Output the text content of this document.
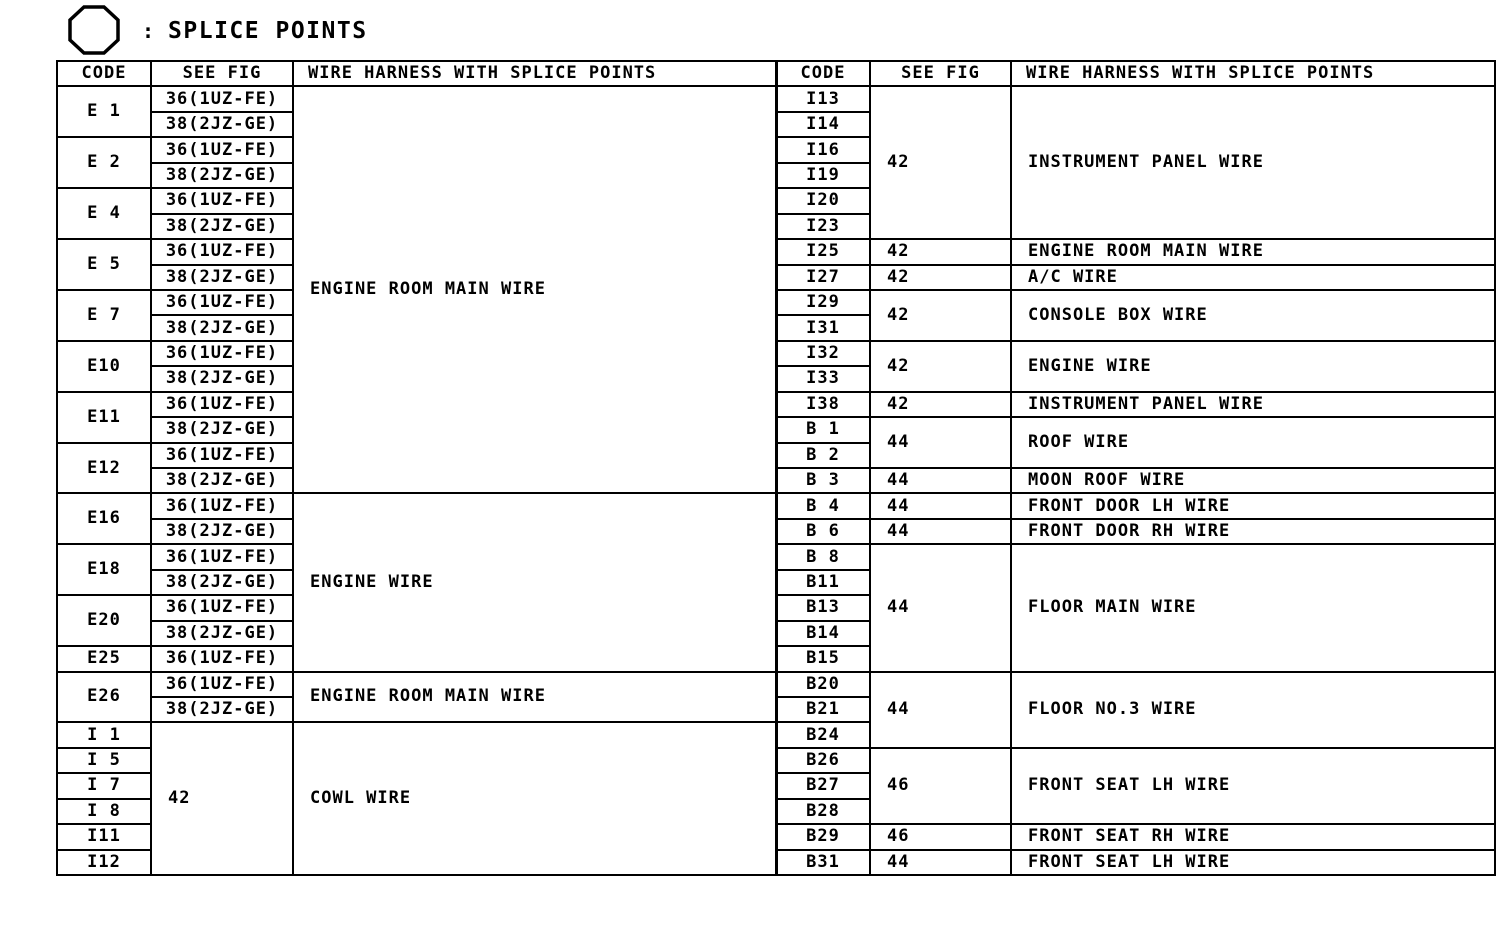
: SPLICE POINTS
CODE	SEE FIG	WIRE HARNESS WITH SPLICE POINTS
E 1	36(1UZ-FE)	ENGINE ROOM MAIN WIRE
	38(2JZ-GE)	
E 2	36(1UZ-FE)	
	38(2JZ-GE)	
E 4	36(1UZ-FE)	
	38(2JZ-GE)	
E 5	36(1UZ-FE)	
	38(2JZ-GE)	
E 7	36(1UZ-FE)	
	38(2JZ-GE)	
E10	36(1UZ-FE)	
	38(2JZ-GE)	
E11	36(1UZ-FE)	
	38(2JZ-GE)	
E12	36(1UZ-FE)	
	38(2JZ-GE)	
E16	36(1UZ-FE)	ENGINE WIRE
	38(2JZ-GE)	
E18	36(1UZ-FE)	
	38(2JZ-GE)	
E20	36(1UZ-FE)	
	38(2JZ-GE)	
E25	36(1UZ-FE)	
E26	36(1UZ-FE)	ENGINE ROOM MAIN WIRE
	38(2JZ-GE)	
I 1	42	COWL WIRE
I 5		
I 7		
I 8		
I11		
I12		
CODE	SEE FIG	WIRE HARNESS WITH SPLICE POINTS
I13	42	INSTRUMENT PANEL WIRE
I14		
I16		
I19		
I20		
I23		
I25	42	ENGINE ROOM MAIN WIRE
I27	42	A/C WIRE
I29	42	CONSOLE BOX WIRE
I31		
I32	42	ENGINE WIRE
I33		
I38	42	INSTRUMENT PANEL WIRE
B 1	44	ROOF WIRE
B 2		
B 3	44	MOON ROOF WIRE
B 4	44	FRONT DOOR LH WIRE
B 6	44	FRONT DOOR RH WIRE
B 8	44	FLOOR MAIN WIRE
B11		
B13		
B14		
B15		
B20	44	FLOOR NO.3 WIRE
B21		
B24		
B26	46	FRONT SEAT LH WIRE
B27		
B28		
B29	46	FRONT SEAT RH WIRE
B31	44	FRONT SEAT LH WIRE
